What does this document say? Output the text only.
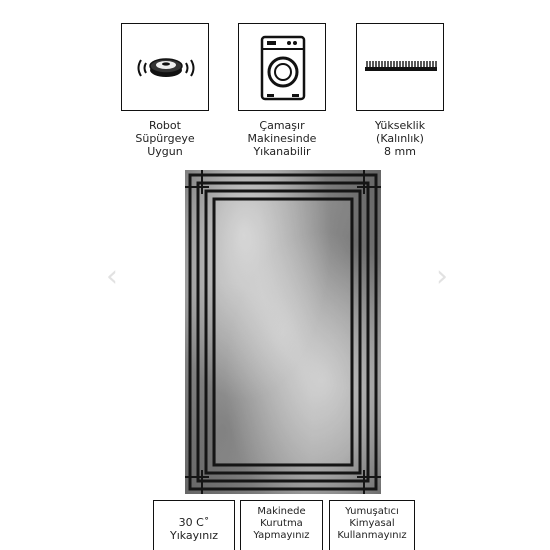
Robot
Süpürgeye
Uygun
Çamaşır
Makinesinde
Yıkanabilir
Yükseklik
(Kalınlık)
8 mm
‹	›
30 C˚
Yıkayınız
Makinede
Kurutma
Yapmayınız
Yumuşatıcı
Kimyasal
Kullanmayınız
